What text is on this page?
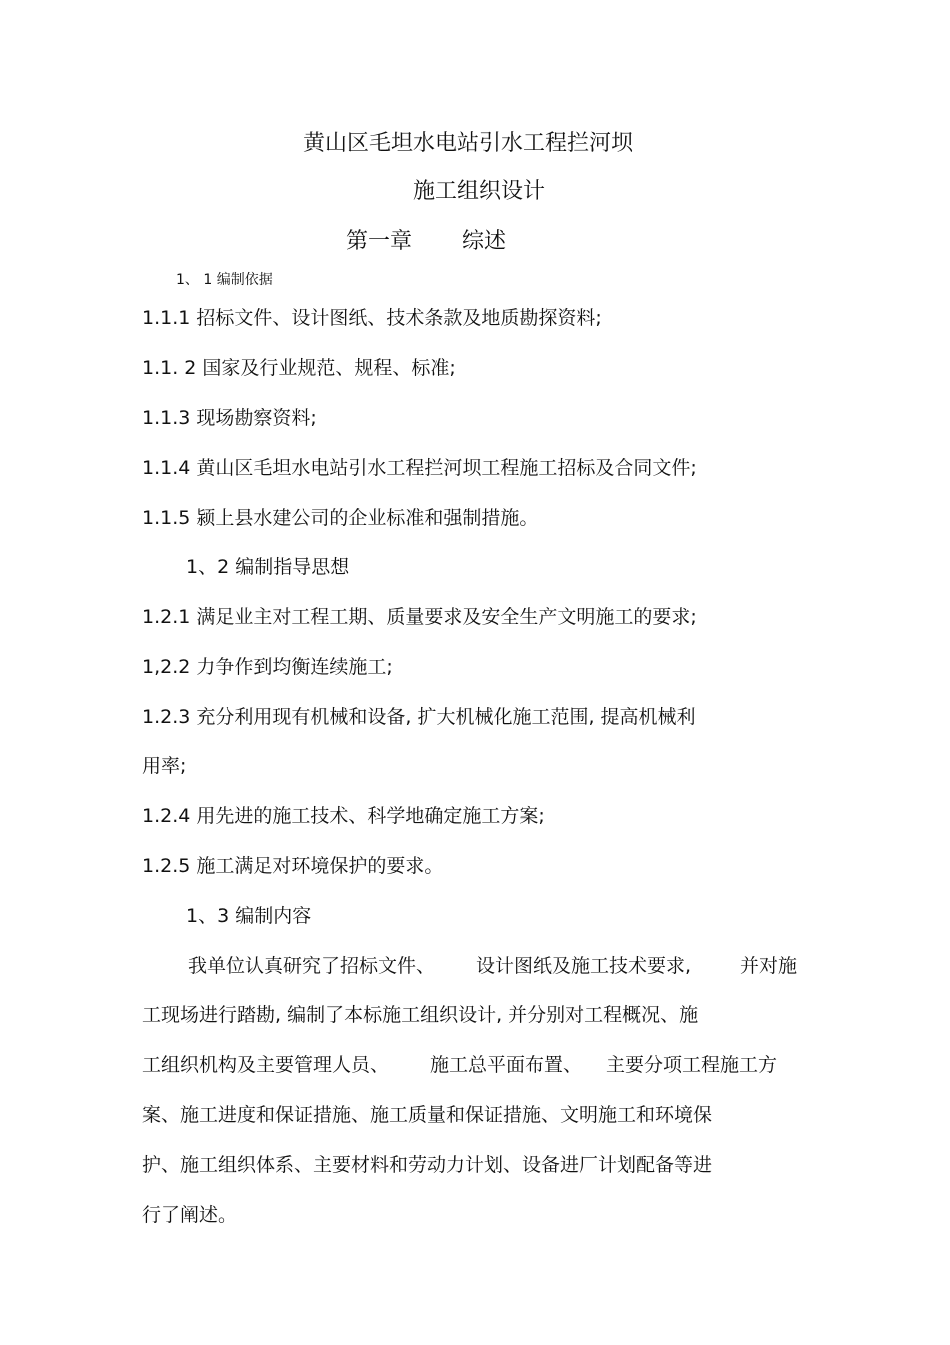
黄山区毛坦水电站引水工程拦河坝
施工组织设计
第一章 综述
1、 1 编制依据
1.1.1 招标文件、设计图纸、技术条款及地质勘探资料;
1.1. 2 国家及行业规范、规程、标准;
1.1.3 现场勘察资料;
1.1.4 黄山区毛坦水电站引水工程拦河坝工程施工招标及合同文件;
1.1.5 颍上县水建公司的企业标准和强制措施。
1、2 编制指导思想
1.2.1 满足业主对工程工期、质量要求及安全生产文明施工的要求;
1,2.2 力争作到均衡连续施工;
1.2.3 充分利用现有机械和设备, 扩大机械化施工范围, 提高机械利
用率;
1.2.4 用先进的施工技术、科学地确定施工方案;
1.2.5 施工满足对环境保护的要求。
1、3 编制内容
我单位认真研究了招标文件、 设计图纸及施工技术要求,	并对施
工现场进行踏勘, 编制了本标施工组织设计, 并分别对工程概况、施
工组织机构及主要管理人员、 施工总平面布置、 主要分项工程施工方
案、施工进度和保证措施、施工质量和保证措施、文明施工和环境保
护、施工组织体系、主要材料和劳动力计划、设备进厂计划配备等进
行了阐述。
